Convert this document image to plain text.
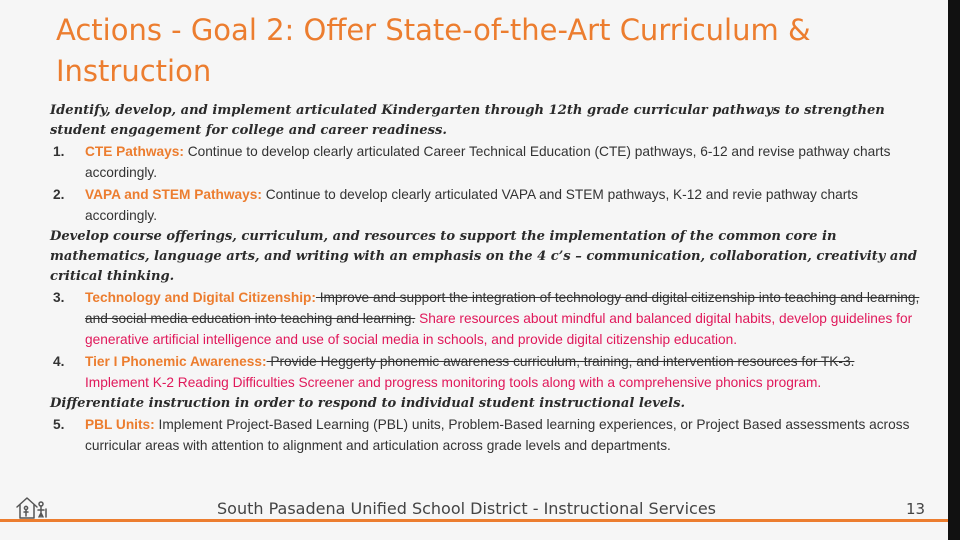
Actions - Goal 2: Offer State-of-the-Art Curriculum & Instruction

Identify, develop, and implement articulated Kindergarten through 12th grade curricular pathways to strengthen student engagement for college and career readiness.

1. CTE Pathways: Continue to develop clearly articulated Career Technical Education (CTE) pathways, 6-12 and revise pathway charts accordingly.
2. VAPA and STEM Pathways: Continue to develop clearly articulated VAPA and STEM pathways, K-12 and revie pathway charts accordingly.

Develop course offerings, curriculum, and resources to support the implementation of the common core in mathematics, language arts, and writing with an emphasis on the 4 c’s – communication, collaboration, creativity and critical thinking.

3. Technology and Digital Citizenship: Improve and support the integration of technology and digital citizenship into teaching and learning, and social media education into teaching and learning. Share resources about mindful and balanced digital habits, develop guidelines for generative artificial intelligence and use of social media in schools, and provide digital citizenship education.
4. Tier I Phonemic Awareness: Provide Heggerty phonemic awareness curriculum, training, and intervention resources for TK-3. Implement K-2 Reading Difficulties Screener and progress monitoring tools along with a comprehensive phonics program.

Differentiate instruction in order to respond to individual student instructional levels.

5. PBL Units: Implement Project-Based Learning (PBL) units, Problem-Based learning experiences, or Project Based assessments across curricular areas with attention to alignment and articulation across grade levels and departments.
South Pasadena Unified School District - Instructional Services	13
